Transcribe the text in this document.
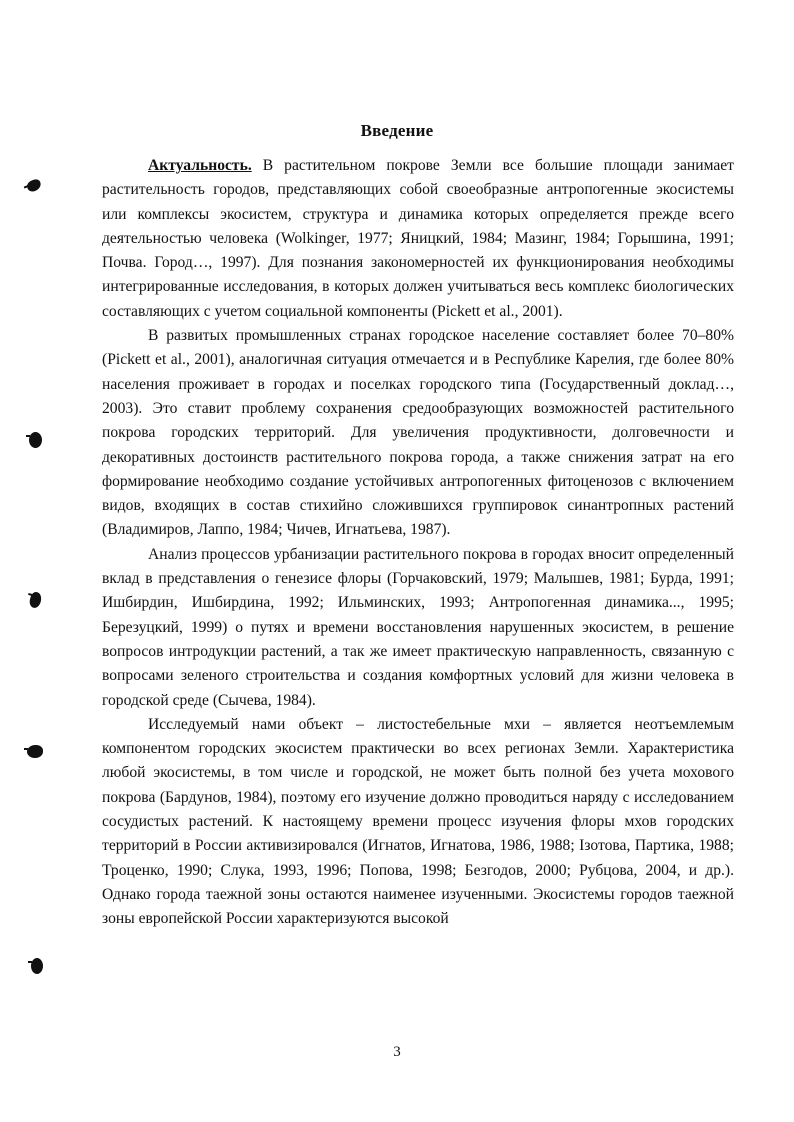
Введение

Актуальность. В растительном покрове Земли все большие площади занимает растительность городов, представляющих собой своеобразные антропогенные экосистемы или комплексы экосистем, структура и динамика которых определяется прежде всего деятельностью человека (Wolkinger, 1977; Яницкий, 1984; Мазинг, 1984; Горышина, 1991; Почва. Город…, 1997). Для познания закономерностей их функционирования необходимы интегрированные исследования, в которых должен учитываться весь комплекс биологических составляющих с учетом социальной компоненты (Pickett et al., 2001).

В развитых промышленных странах городское население составляет более 70–80% (Pickett et al., 2001), аналогичная ситуация отмечается и в Республике Карелия, где более 80% населения проживает в городах и поселках городского типа (Государственный доклад…, 2003). Это ставит проблему сохранения средообразующих возможностей растительного покрова городских территорий. Для увеличения продуктивности, долговечности и декоративных достоинств растительного покрова города, а также снижения затрат на его формирование необходимо создание устойчивых антропогенных фитоценозов с включением видов, входящих в состав стихийно сложившихся группировок синантропных растений (Владимиров, Лаппо, 1984; Чичев, Игнатьева, 1987).

Анализ процессов урбанизации растительного покрова в городах вносит определенный вклад в представления о генезисе флоры (Горчаковский, 1979; Малышев, 1981; Бурда, 1991; Ишбирдин, Ишбирдина, 1992; Ильминских, 1993; Антропогенная динамика..., 1995; Березуцкий, 1999) о путях и времени восстановления нарушенных экосистем, в решение вопросов интродукции растений, а так же имеет практическую направленность, связанную с вопросами зеленого строительства и создания комфортных условий для жизни человека в городской среде (Сычева, 1984).

Исследуемый нами объект – листостебельные мхи – является неотъемлемым компонентом городских экосистем практически во всех регионах Земли. Характеристика любой экосистемы, в том числе и городской, не может быть полной без учета мохового покрова (Бардунов, 1984), поэтому его изучение должно проводиться наряду с исследованием сосудистых растений. К настоящему времени процесс изучения флоры мхов городских территорий в России активизировался (Игнатов, Игнатова, 1986, 1988; Ізотова, Партика, 1988; Троценко, 1990; Слука, 1993, 1996; Попова, 1998; Безгодов, 2000; Рубцова, 2004, и др.). Однако города таежной зоны остаются наименее изученными. Экосистемы городов таежной зоны европейской России характеризуются высокой

3
